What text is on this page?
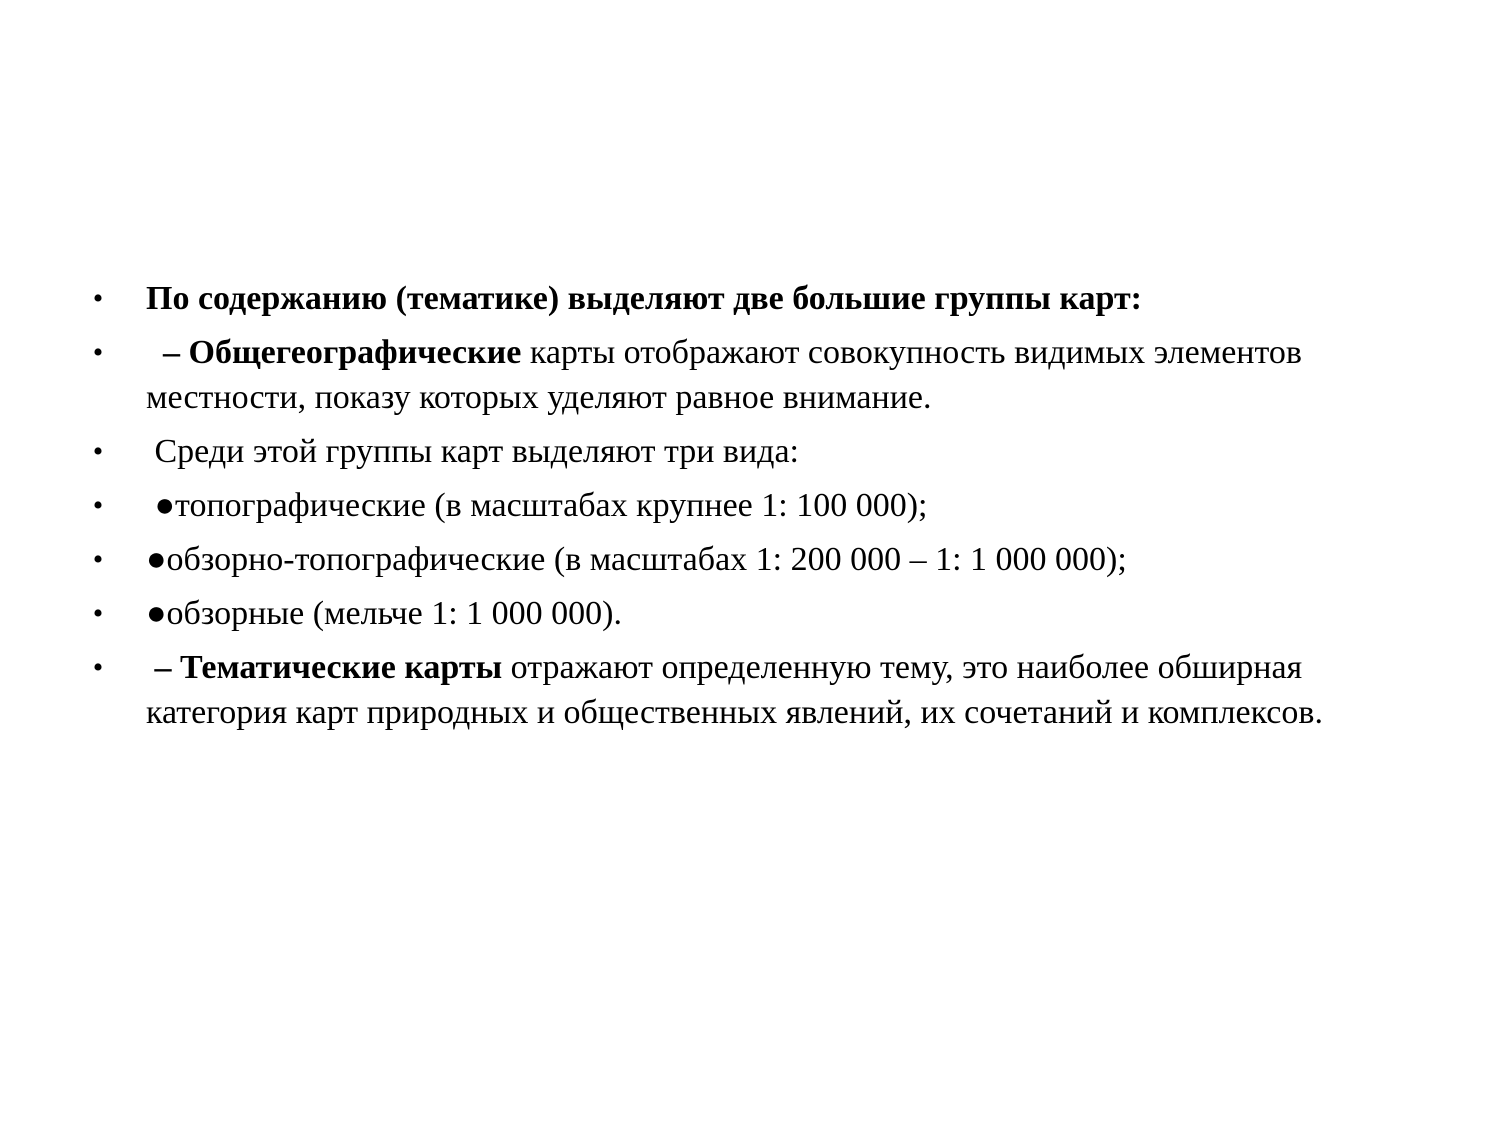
• По содержанию (тематике) выделяют две большие группы карт:
• – Общегеографические карты отображают совокупность видимых элементов местности, показу которых уделяют равное внимание.
• Среди этой группы карт выделяют три вида:
• ●топографические (в масштабах крупнее 1: 100 000);
• ●обзорно-топографические (в масштабах 1: 200 000 – 1: 1 000 000);
• ●обзорные (мельче 1: 1 000 000).
• – Тематические карты отражают определенную тему, это наиболее обширная категория карт природных и общественных явлений, их сочетаний и комплексов.
